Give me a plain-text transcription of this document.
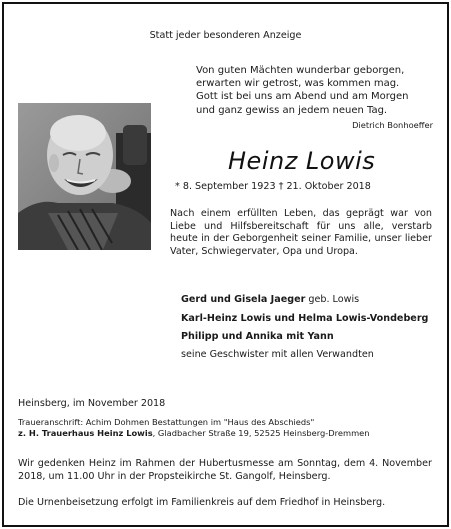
Statt jeder besonderen Anzeige
Von guten Mächten wunderbar geborgen,
erwarten wir getrost, was kommen mag.
Gott ist bei uns am Abend und am Morgen
und ganz gewiss an jedem neuen Tag.
Dietrich Bonhoeffer
Heinz Lowis
* 8. September 1923 † 21. Oktober 2018

Nach einem erfüllten Leben, das geprägt war von Liebe und Hilfsbereitschaft für uns alle, verstarb heute in der Geborgenheit seiner Familie, unser lieber Vater, Schwiegervater, Opa und Uropa.

Gerd und Gisela Jaeger geb. Lowis
Karl-Heinz Lowis und Helma Lowis-Vondeberg
Philipp und Annika mit Yann
seine Geschwister mit allen Verwandten
Heinsberg, im November 2018
Traueranschrift: Achim Dohmen Bestattungen im "Haus des Abschieds"
z. H. Trauerhaus Heinz Lowis, Gladbacher Straße 19, 52525 Heinsberg-Dremmen
Wir gedenken Heinz im Rahmen der Hubertusmesse am Sonntag, dem 4. November 2018, um 11.00 Uhr in der Propsteikirche St. Gangolf, Heinsberg.
Die Urnenbeisetzung erfolgt im Familienkreis auf dem Friedhof in Heinsberg.
